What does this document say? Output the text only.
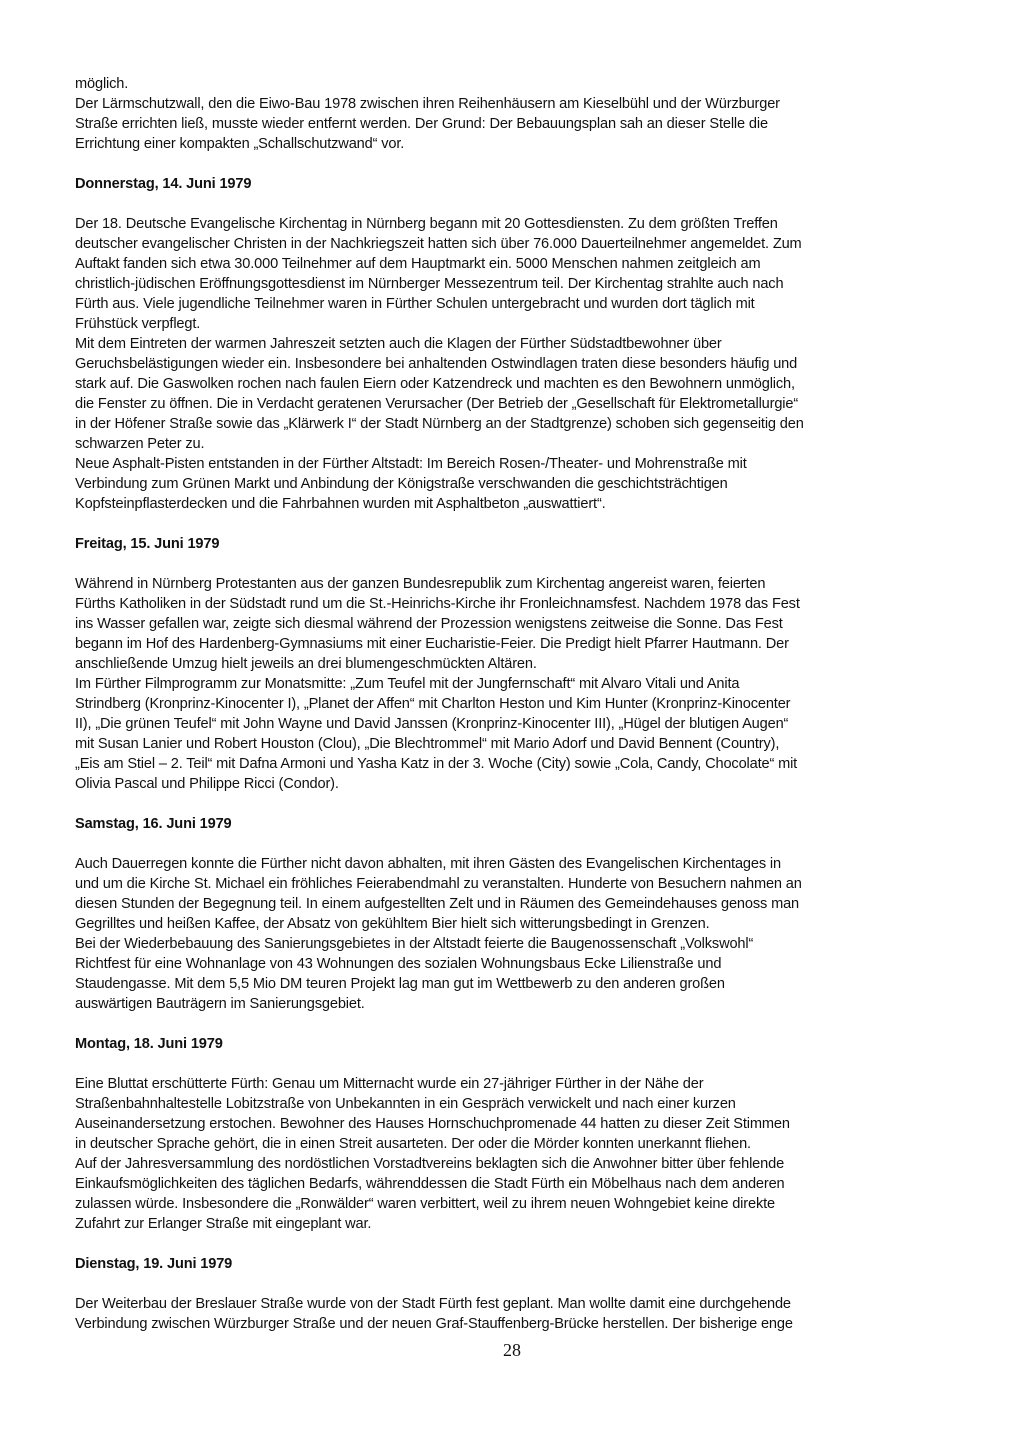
möglich.
Der Lärmschutzwall, den die Eiwo-Bau 1978 zwischen ihren Reihenhäusern am Kieselbühl und der Würzburger
Straße errichten ließ, musste wieder entfernt werden. Der Grund: Der Bebauungsplan sah an dieser Stelle die
Errichtung einer kompakten „Schallschutzwand“ vor.
Donnerstag, 14. Juni 1979
Der 18. Deutsche Evangelische Kirchentag in Nürnberg begann mit 20 Gottesdiensten. Zu dem größten Treffen
deutscher evangelischer Christen in der Nachkriegszeit hatten sich über 76.000 Dauerteilnehmer angemeldet. Zum
Auftakt fanden sich etwa 30.000 Teilnehmer auf dem Hauptmarkt ein. 5000 Menschen nahmen zeitgleich am
christlich-jüdischen Eröffnungsgottesdienst im Nürnberger Messezentrum teil. Der Kirchentag strahlte auch nach
Fürth aus. Viele jugendliche Teilnehmer waren in Fürther Schulen untergebracht und wurden dort täglich mit
Frühstück verpflegt.
Mit dem Eintreten der warmen Jahreszeit setzten auch die Klagen der Fürther Südstadtbewohner über
Geruchsbelästigungen wieder ein. Insbesondere bei anhaltenden Ostwindlagen traten diese besonders häufig und
stark auf. Die Gaswolken rochen nach faulen Eiern oder Katzendreck und machten es den Bewohnern unmöglich,
die Fenster zu öffnen. Die in Verdacht geratenen Verursacher (Der Betrieb der „Gesellschaft für Elektrometallurgie“
in der Höfener Straße sowie das „Klärwerk I“ der Stadt Nürnberg an der Stadtgrenze) schoben sich gegenseitig den
schwarzen Peter zu.
Neue Asphalt-Pisten entstanden in der Fürther Altstadt: Im Bereich Rosen-/Theater- und Mohrenstraße mit
Verbindung zum Grünen Markt und Anbindung der Königstraße verschwanden die geschichtsträchtigen
Kopfsteinpflasterdecken und die Fahrbahnen wurden mit Asphaltbeton „auswattiert“.
Freitag, 15. Juni 1979
Während in Nürnberg Protestanten aus der ganzen Bundesrepublik zum Kirchentag angereist waren, feierten
Fürths Katholiken in der Südstadt rund um die St.-Heinrichs-Kirche ihr Fronleichnamsfest. Nachdem 1978 das Fest
ins Wasser gefallen war, zeigte sich diesmal während der Prozession wenigstens zeitweise die Sonne. Das Fest
begann im Hof des Hardenberg-Gymnasiums mit einer Eucharistie-Feier. Die Predigt hielt Pfarrer Hautmann. Der
anschließende Umzug hielt jeweils an drei blumengeschmückten Altären.
Im Fürther Filmprogramm zur Monatsmitte: „Zum Teufel mit der Jungfernschaft“ mit Alvaro Vitali und Anita
Strindberg (Kronprinz-Kinocenter I), „Planet der Affen“ mit Charlton Heston und Kim Hunter (Kronprinz-Kinocenter
II), „Die grünen Teufel“ mit John Wayne und David Janssen (Kronprinz-Kinocenter III), „Hügel der blutigen Augen“
mit Susan Lanier und Robert Houston (Clou), „Die Blechtrommel“ mit Mario Adorf und David Bennent (Country),
„Eis am Stiel – 2. Teil“ mit Dafna Armoni und Yasha Katz in der 3. Woche (City) sowie „Cola, Candy, Chocolate“ mit
Olivia Pascal und Philippe Ricci (Condor).
Samstag, 16. Juni 1979
Auch Dauerregen konnte die Fürther nicht davon abhalten, mit ihren Gästen des Evangelischen Kirchentages in
und um die Kirche St. Michael ein fröhliches Feierabendmahl zu veranstalten. Hunderte von Besuchern nahmen an
diesen Stunden der Begegnung teil. In einem aufgestellten Zelt und in Räumen des Gemeindehauses genoss man
Gegrilltes und heißen Kaffee, der Absatz von gekühltem Bier hielt sich witterungsbedingt in Grenzen.
Bei der Wiederbebauung des Sanierungsgebietes in der Altstadt feierte die Baugenossenschaft „Volkswohl“
Richtfest für eine Wohnanlage von 43 Wohnungen des sozialen Wohnungsbaus Ecke Lilienstraße und
Staudengasse. Mit dem 5,5 Mio DM teuren Projekt lag man gut im Wettbewerb zu den anderen großen
auswärtigen Bauträgern im Sanierungsgebiet.
Montag, 18. Juni 1979
Eine Bluttat erschütterte Fürth: Genau um Mitternacht wurde ein 27-jähriger Fürther in der Nähe der
Straßenbahnhaltestelle Lobitzstraße von Unbekannten in ein Gespräch verwickelt und nach einer kurzen
Auseinandersetzung erstochen. Bewohner des Hauses Hornschuchpromenade 44 hatten zu dieser Zeit Stimmen
in deutscher Sprache gehört, die in einen Streit ausarteten. Der oder die Mörder konnten unerkannt fliehen.
Auf der Jahresversammlung des nordöstlichen Vorstadtvereins beklagten sich die Anwohner bitter über fehlende
Einkaufsmöglichkeiten des täglichen Bedarfs, währenddessen die Stadt Fürth ein Möbelhaus nach dem anderen
zulassen würde. Insbesondere die „Ronwälder“ waren verbittert, weil zu ihrem neuen Wohngebiet keine direkte
Zufahrt zur Erlanger Straße mit eingeplant war.
Dienstag, 19. Juni 1979
Der Weiterbau der Breslauer Straße wurde von der Stadt Fürth fest geplant. Man wollte damit eine durchgehende
Verbindung zwischen Würzburger Straße und der neuen Graf-Stauffenberg-Brücke herstellen. Der bisherige enge
28
